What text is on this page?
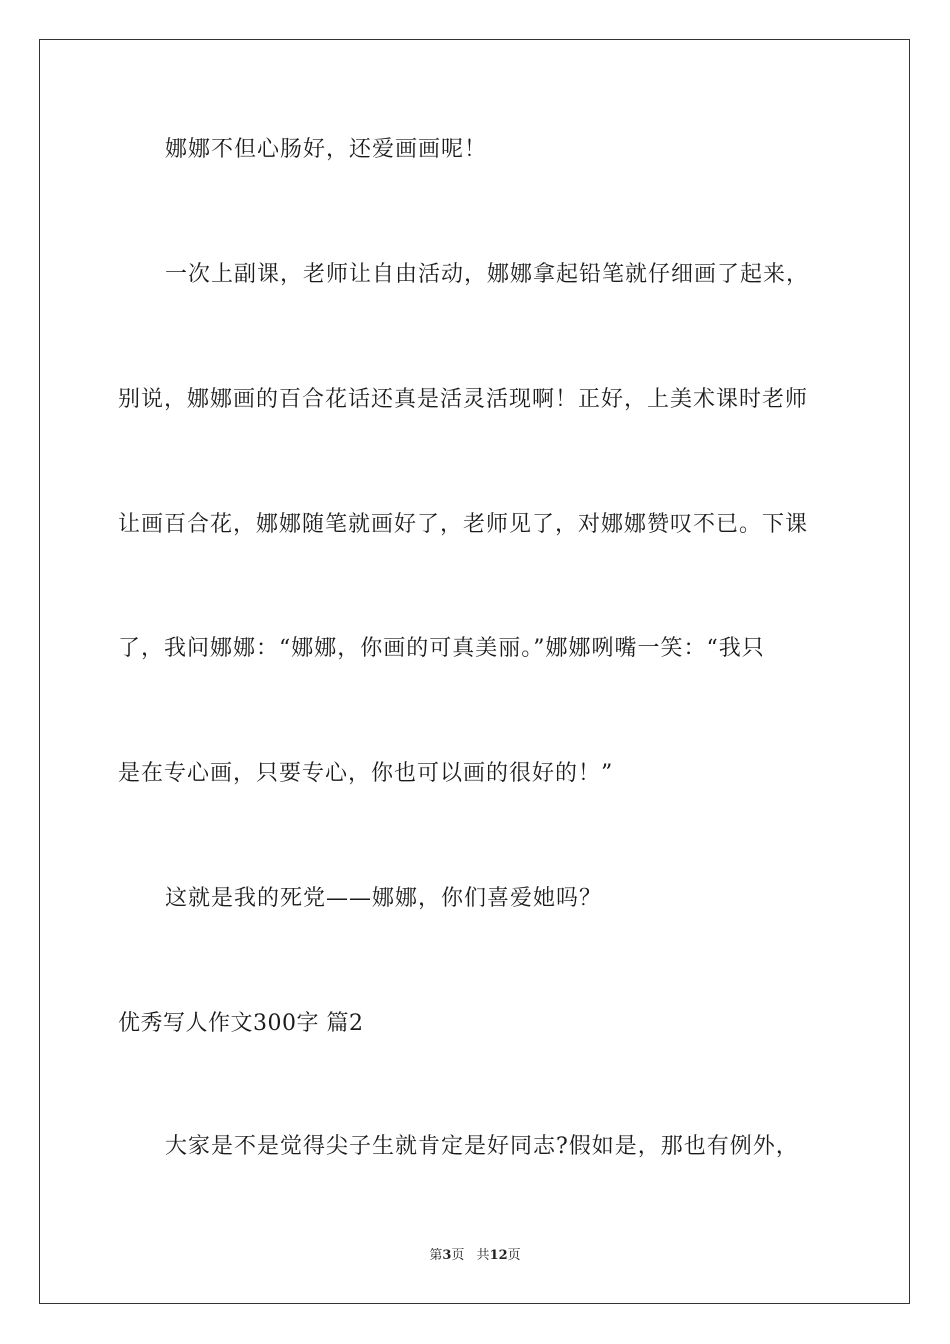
娜娜不但心肠好，还爱画画呢！
一次上副课，老师让自由活动，娜娜拿起铅笔就仔细画了起来，
别说，娜娜画的百合花话还真是活灵活现啊！正好，上美术课时老师
让画百合花，娜娜随笔就画好了，老师见了，对娜娜赞叹不已。下课
了，我问娜娜：“娜娜，你画的可真美丽。”娜娜咧嘴一笑：“我只
是在专心画，只要专心，你也可以画的很好的！”
这就是我的死党——娜娜，你们喜爱她吗？
优秀写人作文300字 篇2
大家是不是觉得尖子生就肯定是好同志?假如是，那也有例外，
第3页 共12页
